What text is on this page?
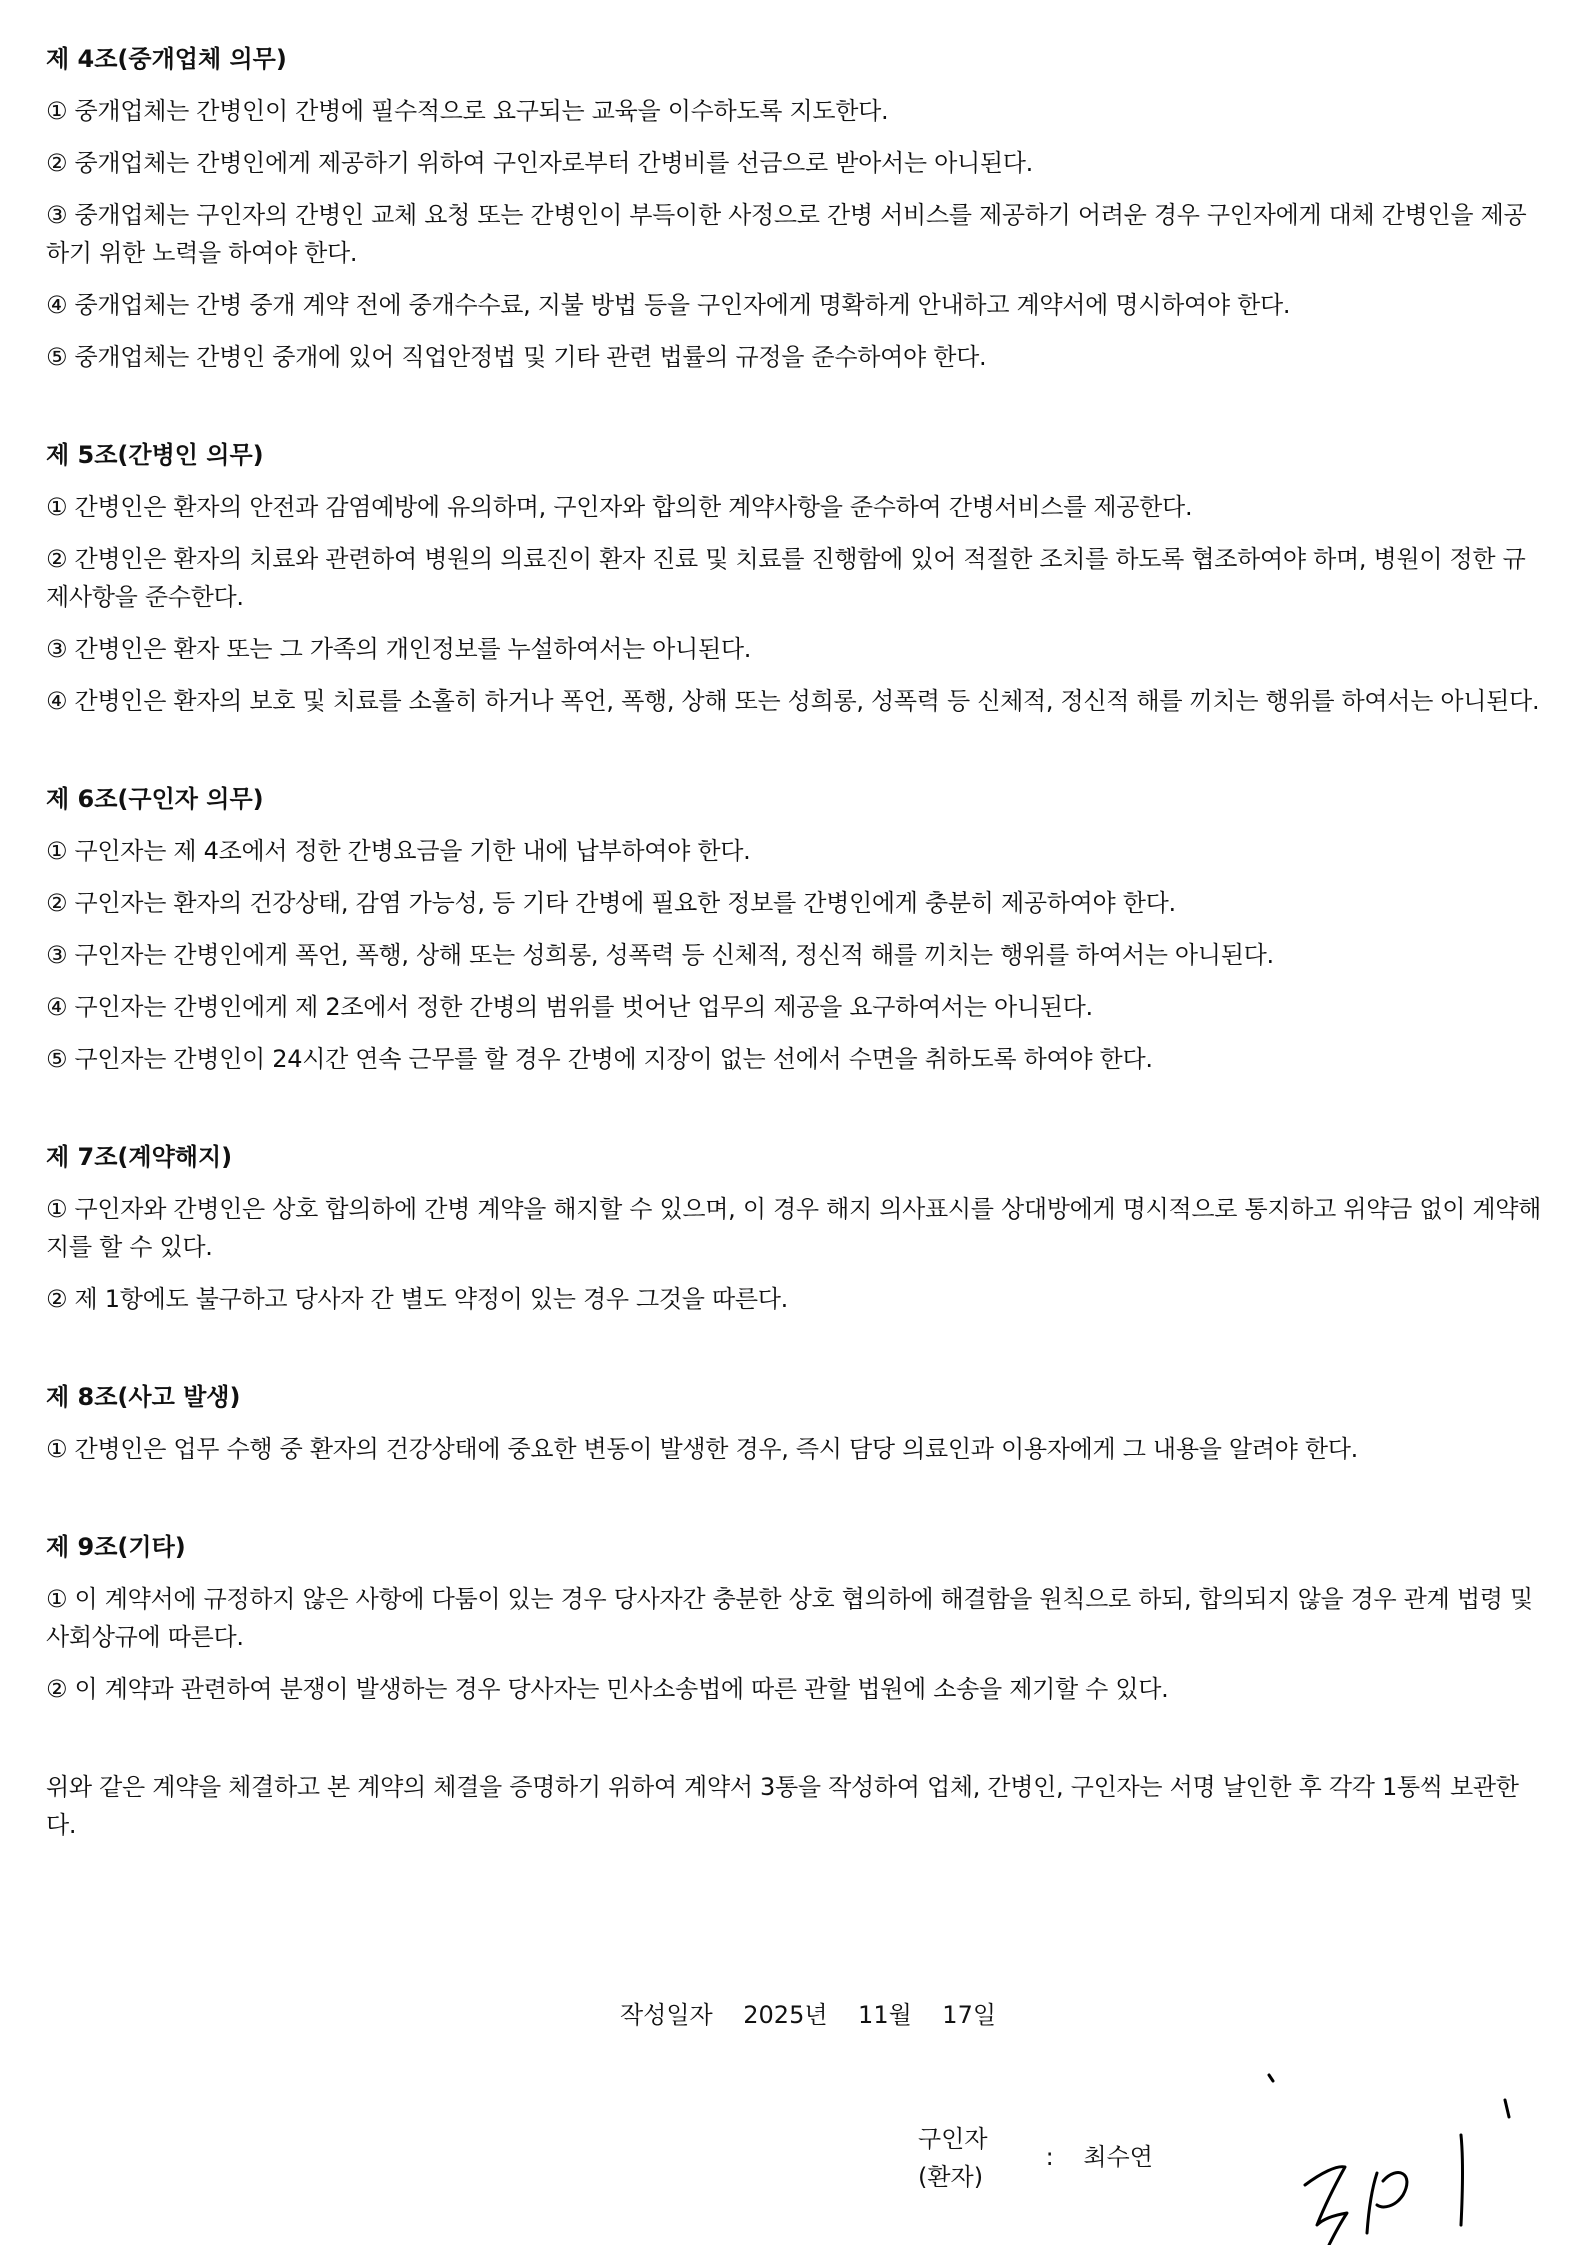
제 4조(중개업체 의무)

① 중개업체는 간병인이 간병에 필수적으로 요구되는 교육을 이수하도록 지도한다.

② 중개업체는 간병인에게 제공하기 위하여 구인자로부터 간병비를 선금으로 받아서는 아니된다.

③ 중개업체는 구인자의 간병인 교체 요청 또는 간병인이 부득이한 사정으로 간병 서비스를 제공하기 어려운 경우 구인자에게 대체 간병인을 제공하기 위한 노력을 하여야 한다.

④ 중개업체는 간병 중개 계약 전에 중개수수료, 지불 방법 등을 구인자에게 명확하게 안내하고 계약서에 명시하여야 한다.

⑤ 중개업체는 간병인 중개에 있어 직업안정법 및 기타 관련 법률의 규정을 준수하여야 한다.

제 5조(간병인 의무)

① 간병인은 환자의 안전과 감염예방에 유의하며, 구인자와 합의한 계약사항을 준수하여 간병서비스를 제공한다.

② 간병인은 환자의 치료와 관련하여 병원의 의료진이 환자 진료 및 치료를 진행함에 있어 적절한 조치를 하도록 협조하여야 하며, 병원이 정한 규제사항을 준수한다.

③ 간병인은 환자 또는 그 가족의 개인정보를 누설하여서는 아니된다.

④ 간병인은 환자의 보호 및 치료를 소홀히 하거나 폭언, 폭행, 상해 또는 성희롱, 성폭력 등 신체적, 정신적 해를 끼치는 행위를 하여서는 아니된다.

제 6조(구인자 의무)

① 구인자는 제 4조에서 정한 간병요금을 기한 내에 납부하여야 한다.

② 구인자는 환자의 건강상태, 감염 가능성, 등 기타 간병에 필요한 정보를 간병인에게 충분히 제공하여야 한다.

③ 구인자는 간병인에게 폭언, 폭행, 상해 또는 성희롱, 성폭력 등 신체적, 정신적 해를 끼치는 행위를 하여서는 아니된다.

④ 구인자는 간병인에게 제 2조에서 정한 간병의 범위를 벗어난 업무의 제공을 요구하여서는 아니된다.

⑤ 구인자는 간병인이 24시간 연속 근무를 할 경우 간병에 지장이 없는 선에서 수면을 취하도록 하여야 한다.

제 7조(계약해지)

① 구인자와 간병인은 상호 합의하에 간병 계약을 해지할 수 있으며, 이 경우 해지 의사표시를 상대방에게 명시적으로 통지하고 위약금 없이 계약해지를 할 수 있다.

② 제 1항에도 불구하고 당사자 간 별도 약정이 있는 경우 그것을 따른다.

제 8조(사고 발생)

① 간병인은 업무 수행 중 환자의 건강상태에 중요한 변동이 발생한 경우, 즉시 담당 의료인과 이용자에게 그 내용을 알려야 한다.

제 9조(기타)

① 이 계약서에 규정하지 않은 사항에 다툼이 있는 경우 당사자간 충분한 상호 협의하에 해결함을 원칙으로 하되, 합의되지 않을 경우 관계 법령 및 사회상규에 따른다.

② 이 계약과 관련하여 분쟁이 발생하는 경우 당사자는 민사소송법에 따른 관할 법원에 소송을 제기할 수 있다.

위와 같은 계약을 체결하고 본 계약의 체결을 증명하기 위하여 계약서 3통을 작성하여 업체, 간병인, 구인자는 서명 날인한 후 각각 1통씩 보관한다.

작성일자 2025년 11월 17일
구인자
(환자)
: 최수연
